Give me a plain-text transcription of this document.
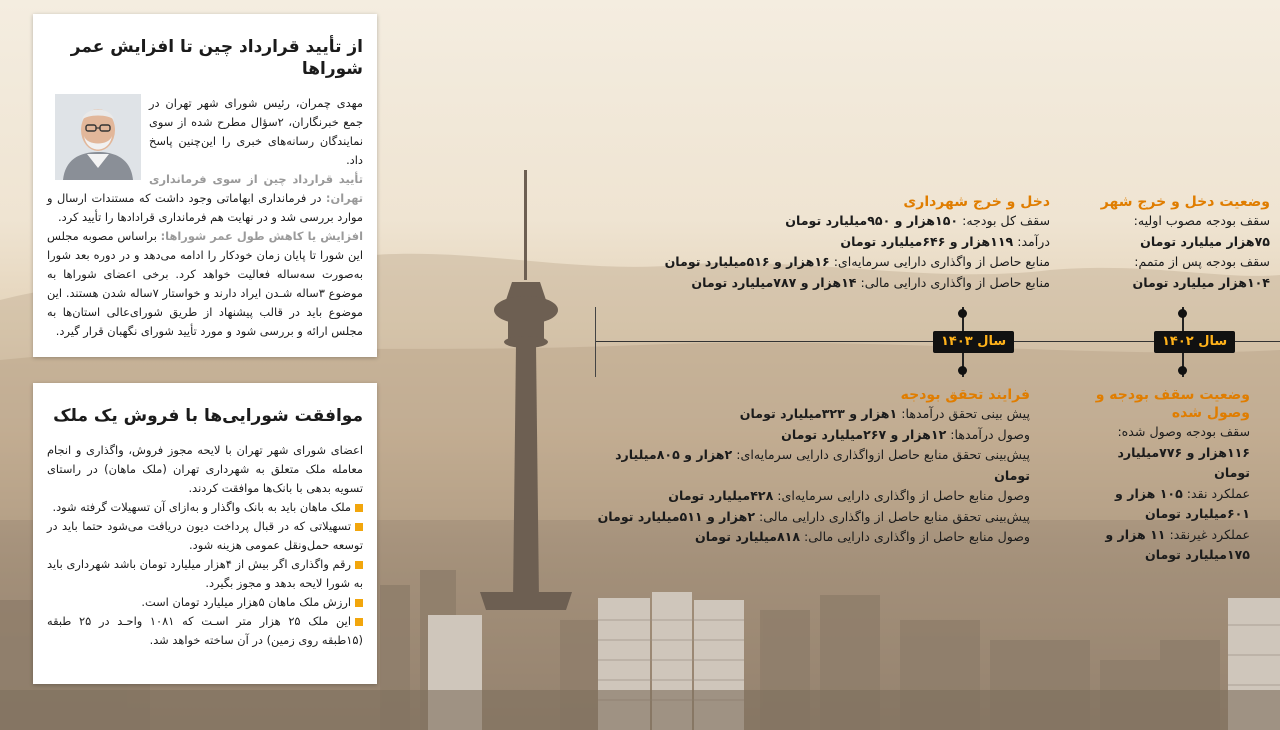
از تأیید قرارداد چین تا افزایش عمر شوراها

مهدی چمران، رئیس شورای شهر تهران در جمع خبرنگاران، ۲سؤال مطرح شده از سوی نمایندگان رسانه‌های خبری را این‌چنین پاسخ داد.

تأیید قرارداد چین از سوی فرمانداری تهران: در فرمانداری ابهاماتی وجود داشت که مستندات ارسال و موارد بررسی شد و در نهایت هم فرمانداری قرادادها را تأیید کرد.

افزایش یا کاهش طول عمر شوراها: براساس مصوبه مجلس این شورا تا پایان زمان خودکار را ادامه می‌دهد و در دوره بعد شورا به‌صورت سه‌ساله فعالیت خواهد کرد. برخی اعضای شوراها به موضوع ۳ساله شـدن ایراد دارند و خواستار ۷ساله شدن هستند. این موضوع باید در قالب پیشنهاد از طریق شورای‌عالی استان‌ها به مجلس ارائه و بررسی شود و مورد تأیید شورای نگهبان قرار گیرد.

موافقت شورایی‌ها با فروش یک ملک

اعضای شورای شهر تهران با لایحه مجوز فروش، واگذاری و انجام معامله ملک متعلق به شهرداری تهران (ملک ماهان) در راستای تسویه بدهی با بانک‌ها موافقت کردند.

ملک ماهان باید به بانک واگذار و به‌ازای آن تسهیلات گرفته شود.
تسهیلاتی که در قبال پرداخت دیون دریافت می‌شود حتما باید در توسعه حمل‌ونقل عمومی هزینه شود.
رقم واگذاری اگر بیش از ۴هزار میلیارد تومان باشد شهرداری باید به شورا لایحه بدهد و مجوز بگیرد.
ارزش ملک ماهان ۵هزار میلیارد تومان است.
این ملک ۲۵ هزار متر اسـت که ۱۰۸۱ واحـد در ۲۵ طبقه (۱۵طبقه روی زمین) در آن ساخته خواهد شد.
سال ۱۴۰۲
سال ۱۴۰۳
وضعیت دخل و خرج شهر
سقف بودجه مصوب اولیه:
۷۵هزار میلیارد تومان
سقف بودجه پس از متمم:
۱۰۴هزار میلیارد تومان
دخل و خرج شهرداری
سقف کل بودجه: ۱۵۰هزار و ۹۵۰میلیارد تومان
درآمد: ۱۱۹هزار و ۶۴۶میلیارد تومان
منابع حاصل از واگذاری دارایی سرمایه‌ای: ۱۶هزار و ۵۱۶میلیارد تومان
منابع حاصل از واگذاری دارایی مالی: ۱۴هزار و ۷۸۷میلیارد تومان
وضعیت سقف بودجه و وصول شده
سقف بودجه وصول شده:
۱۱۶هزار و ۷۷۶میلیارد تومان
عملکرد نقد: ۱۰۵ هزار و ۶۰۱میلیارد تومان
عملکرد غیرنقد: ۱۱ هزار و ۱۷۵میلیارد تومان
فرایند تحقق بودجه
پیش بینی تحقق درآمدها: ۱هزار و ۳۲۳میلیارد تومان
وصول درآمدها: ۱۲هزار و ۲۶۷میلیارد تومان
پیش‌بینی تحقق منابع حاصل ازواگذاری دارایی سرمایه‌ای: ۲هزار و ۸۰۵میلیارد تومان
وصول منابع حاصل از واگذاری دارایی سرمایه‌ای: ۴۲۸میلیارد تومان
پیش‌بینی تحقق منابع حاصل از واگذاری دارایی مالی: ۲هزار و ۵۱۱میلیارد تومان
وصول منابع حاصل از واگذاری دارایی مالی: ۸۱۸میلیارد تومان
